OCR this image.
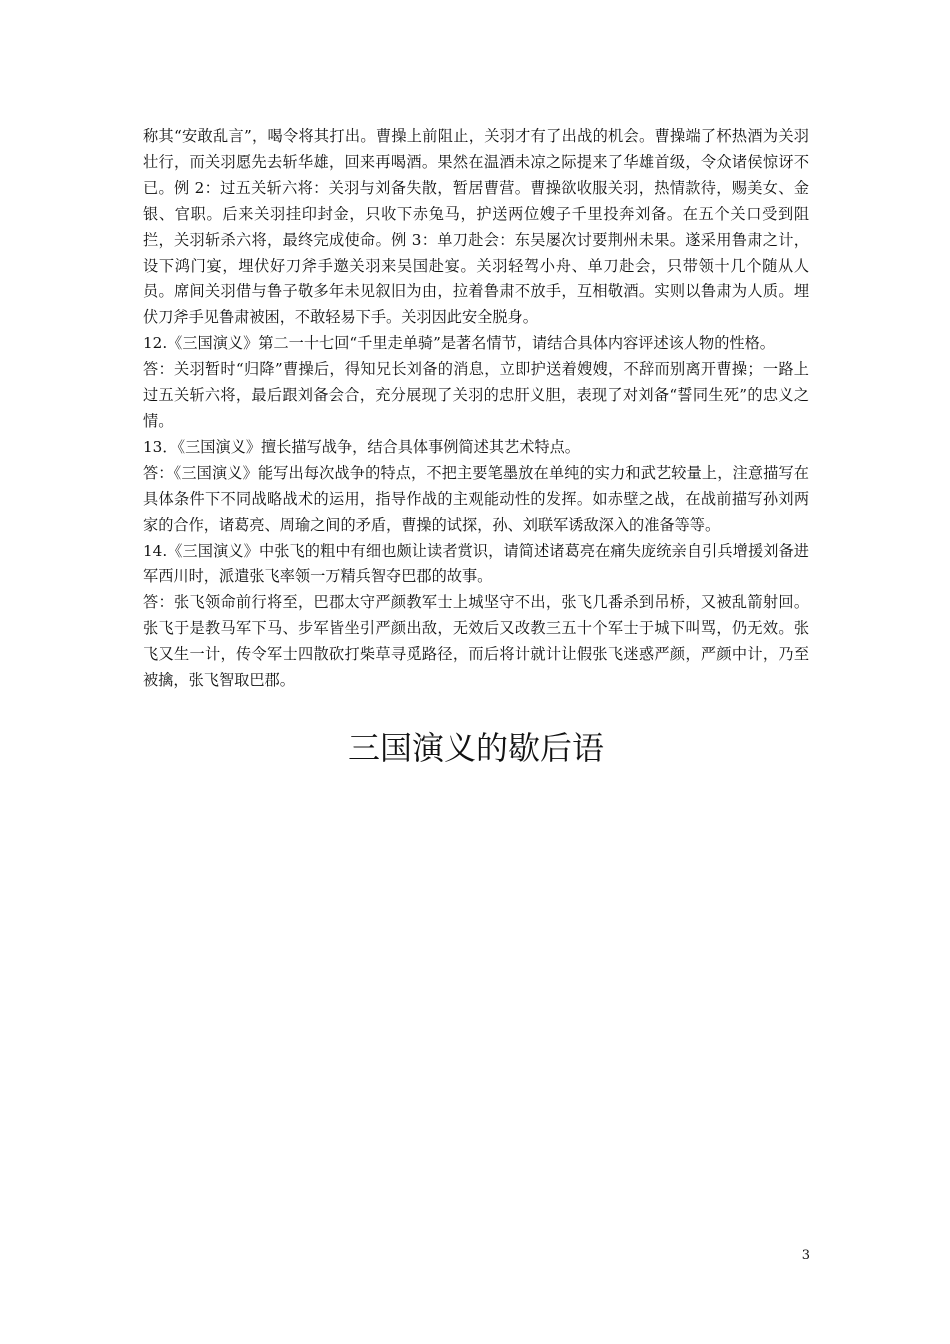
称其“安敢乱言”，喝令将其打出。曹操上前阻止，关羽才有了出战的机会。曹操端了杯热酒为关羽壮行，而关羽愿先去斩华雄，回来再喝酒。果然在温酒未凉之际提来了华雄首级，令众诸侯惊讶不已。例 2：过五关斩六将：关羽与刘备失散，暂居曹营。曹操欲收服关羽，热情款待，赐美女、金银、官职。后来关羽挂印封金，只收下赤兔马，护送两位嫂子千里投奔刘备。在五个关口受到阻拦，关羽斩杀六将，最终完成使命。例 3：单刀赴会：东吴屡次讨要荆州未果。遂采用鲁肃之计，设下鸿门宴，埋伏好刀斧手邀关羽来吴国赴宴。关羽轻驾小舟、单刀赴会，只带领十几个随从人员。席间关羽借与鲁子敬多年未见叙旧为由，拉着鲁肃不放手，互相敬酒。实则以鲁肃为人质。埋伏刀斧手见鲁肃被困，不敢轻易下手。关羽因此安全脱身。

12.《三国演义》第二一十七回“千里走单骑”是著名情节，请结合具体内容评述该人物的性格。

答：关羽暂时“归降”曹操后，得知兄长刘备的消息，立即护送着嫂嫂，不辞而别离开曹操；一路上过五关斩六将，最后跟刘备会合，充分展现了关羽的忠肝义胆，表现了对刘备“誓同生死”的忠义之情。

13．《三国演义》擅长描写战争，结合具体事例简述其艺术特点。

答：《三国演义》能写出每次战争的特点，不把主要笔墨放在单纯的实力和武艺较量上，注意描写在具体条件下不同战略战术的运用，指导作战的主观能动性的发挥。如赤壁之战，在战前描写孙刘两家的合作，诸葛亮、周瑜之间的矛盾，曹操的试探，孙、刘联军诱敌深入的准备等等。

14.《三国演义》中张飞的粗中有细也颇让读者赏识，请简述诸葛亮在痛失庞统亲自引兵增援刘备进军西川时，派遣张飞率领一万精兵智夺巴郡的故事。

答：张飞领命前行将至，巴郡太守严颜教军士上城坚守不出，张飞几番杀到吊桥，又被乱箭射回。张飞于是教马军下马、步军皆坐引严颜出敌，无效后又改教三五十个军士于城下叫骂，仍无效。张飞又生一计，传令军士四散砍打柴草寻觅路径，而后将计就计让假张飞迷惑严颜，严颜中计，乃至被擒，张飞智取巴郡。

三国演义的歇后语
3
